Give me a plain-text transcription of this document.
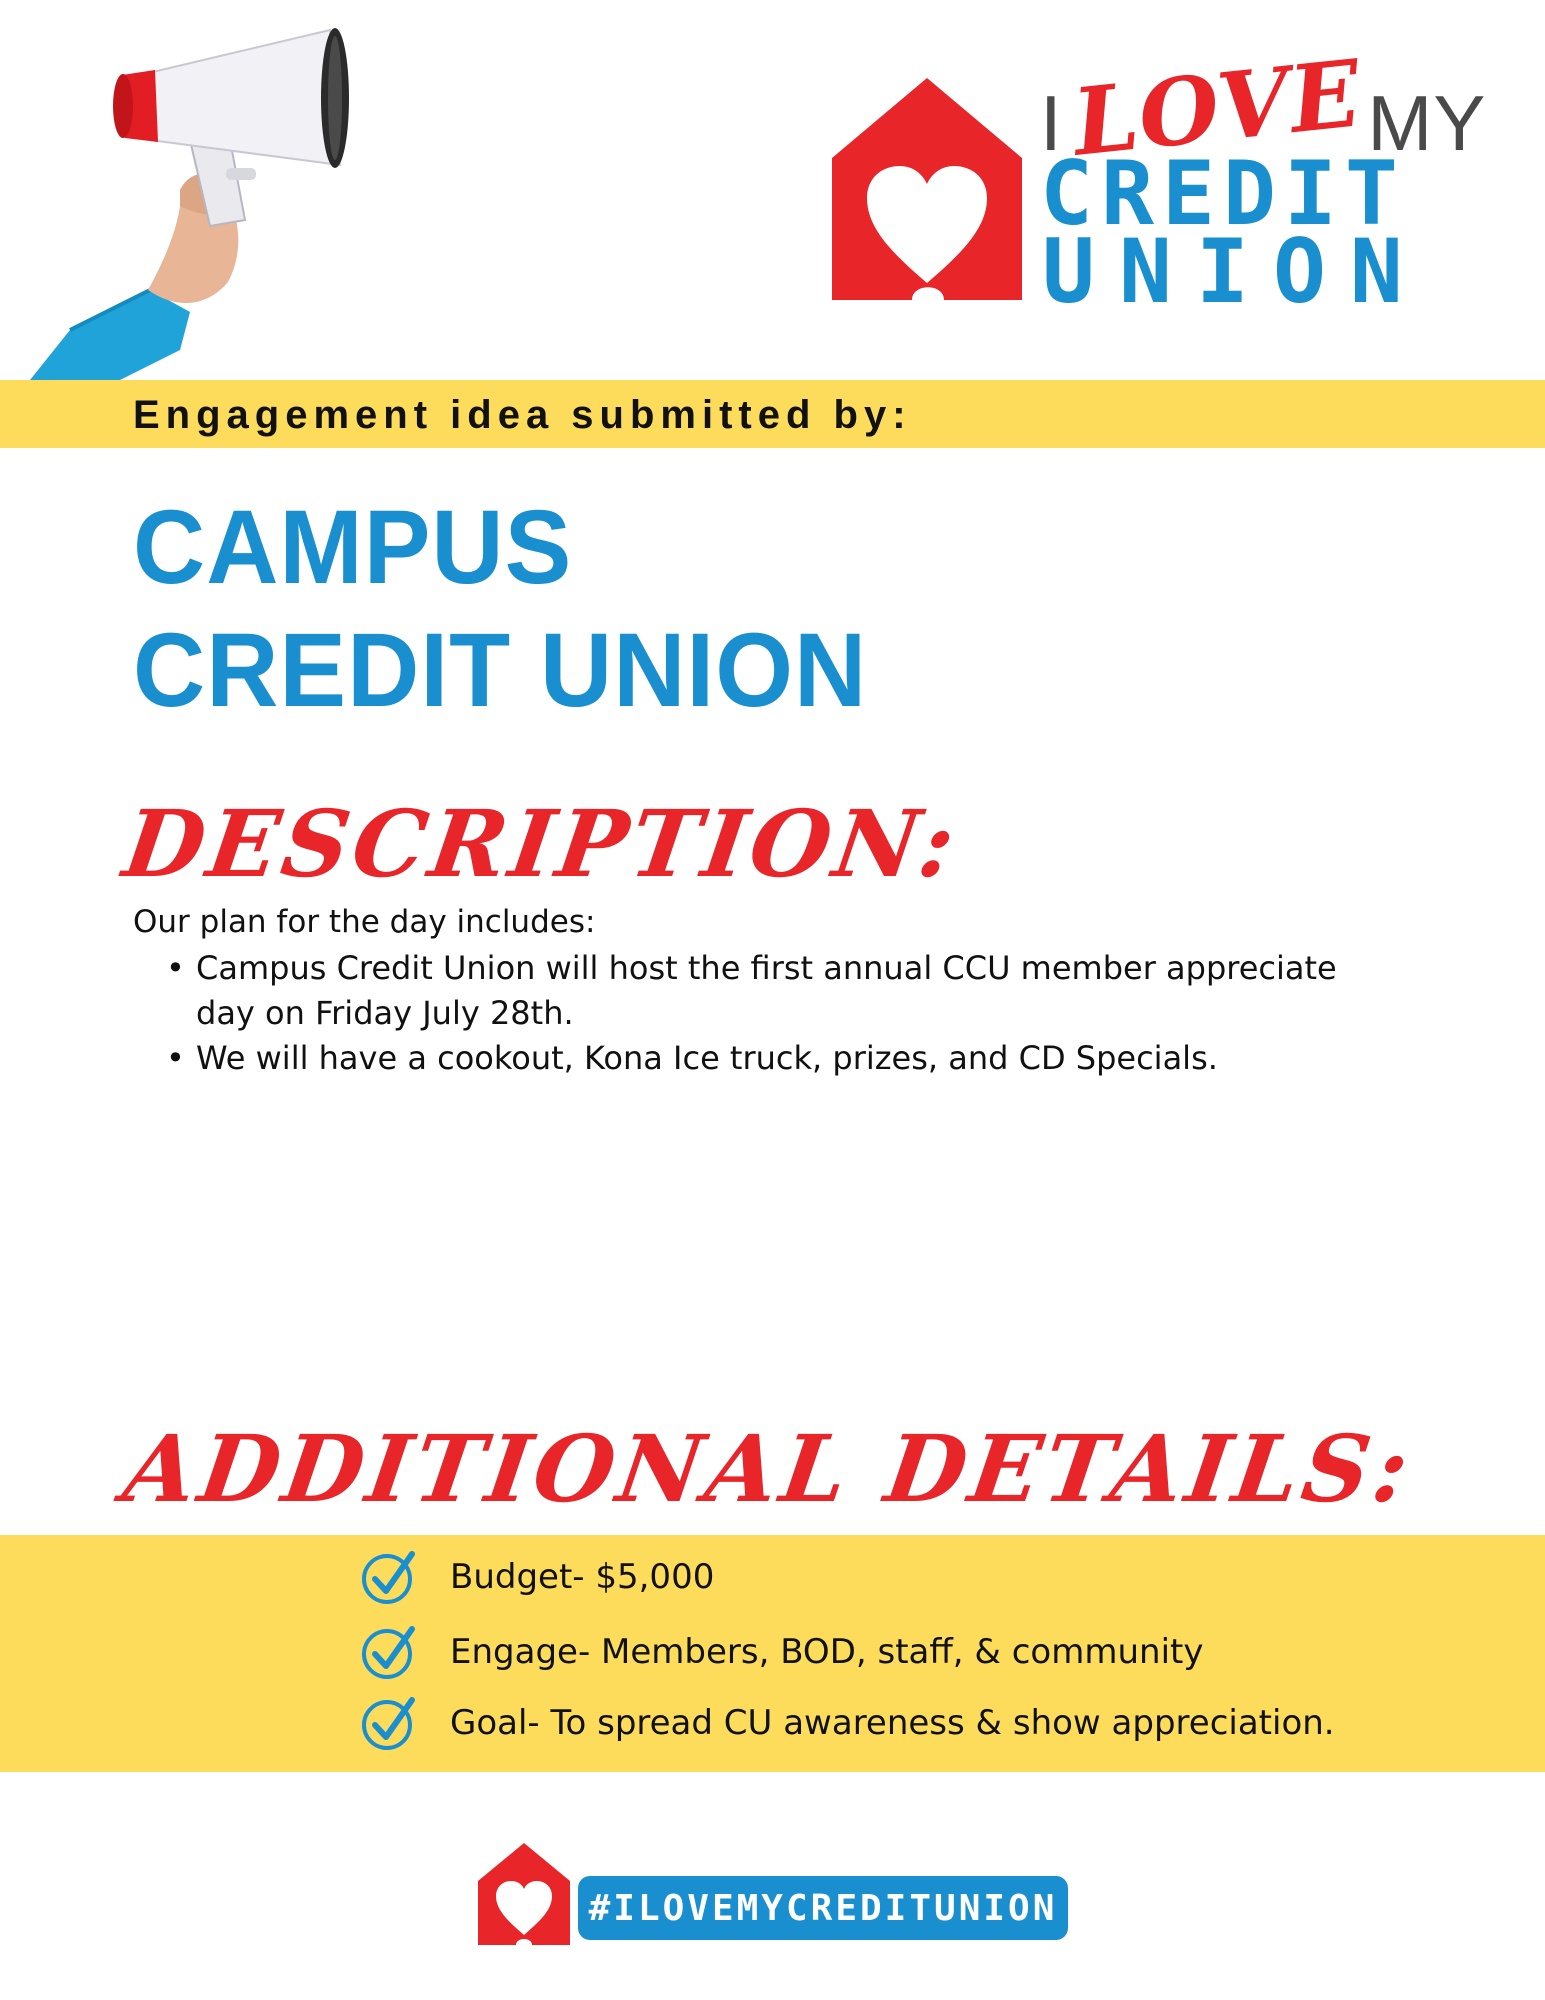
ILOVEMY
CREDIT
UNION
Engagement idea submitted by:
CAMPUS
CREDIT UNION
DESCRIPTION:
Our plan for the day includes:
• Campus Credit Union will host the first annual CCU member appreciate day on Friday July 28th.
• We will have a cookout, Kona Ice truck, prizes, and CD Specials.
ADDITIONAL DETAILS:
Budget- $5,000
Engage- Members, BOD, staff, & community
Goal- To spread CU awareness & show appreciation.
#ILOVEMYCREDITUNION
